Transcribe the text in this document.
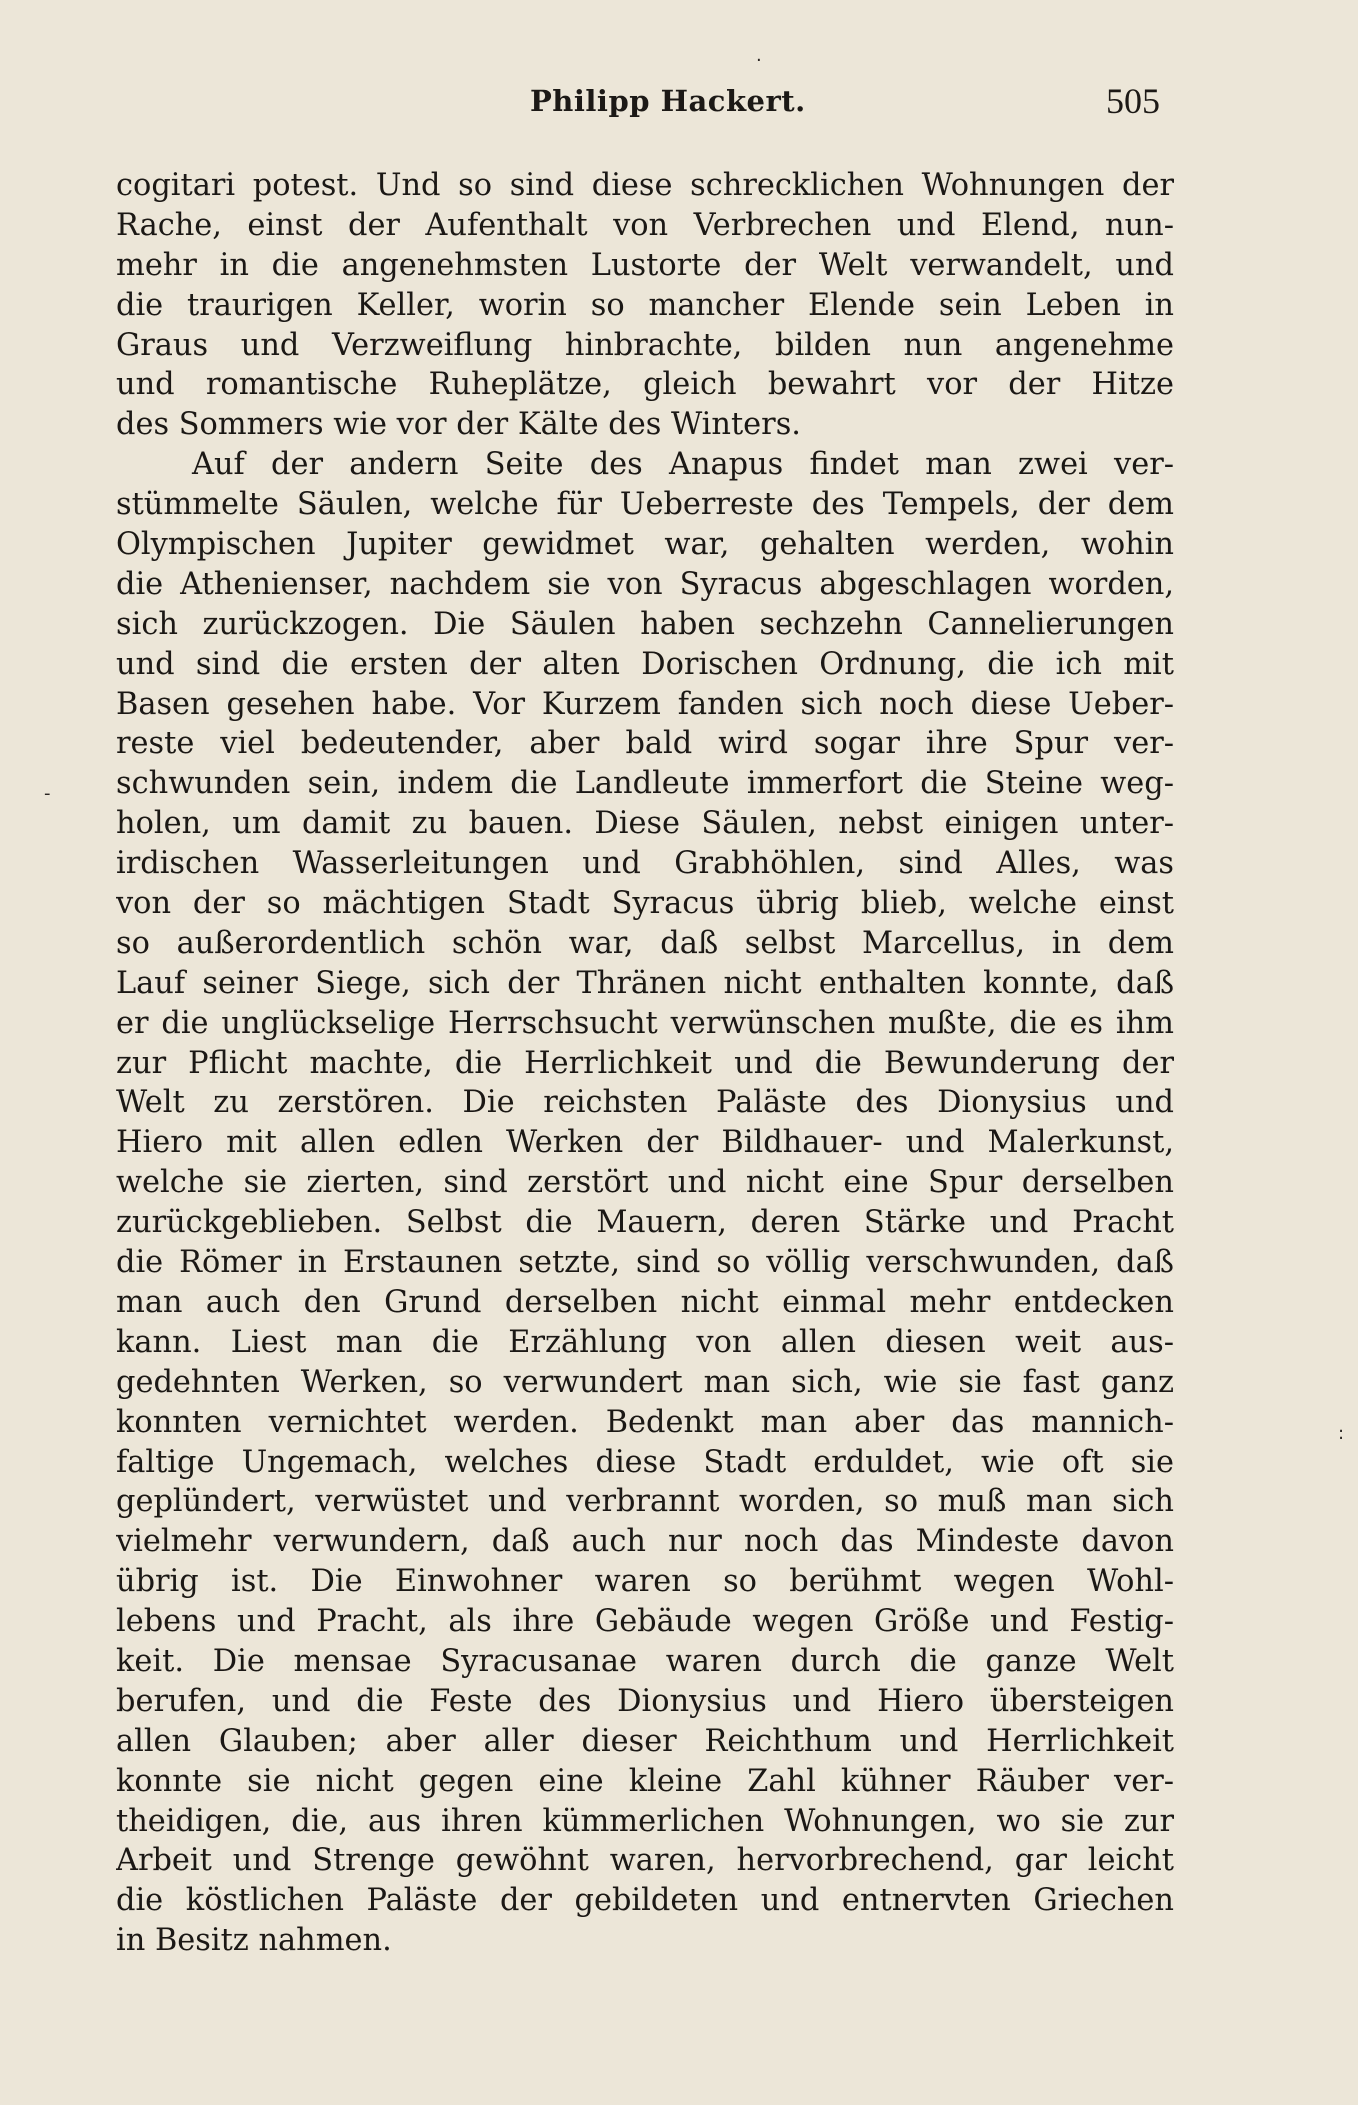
Philipp Hackert.	505
cogitari potest. Und so sind diese schrecklichen Wohnungen der
Rache, einst der Aufenthalt von Verbrechen und Elend, nun-
mehr in die angenehmsten Lustorte der Welt verwandelt, und
die traurigen Keller, worin so mancher Elende sein Leben in
Graus und Verzweiflung hinbrachte, bilden nun angenehme
und romantische Ruheplätze, gleich bewahrt vor der Hitze
des Sommers wie vor der Kälte des Winters.
Auf der andern Seite des Anapus findet man zwei ver-
stümmelte Säulen, welche für Ueberreste des Tempels, der dem
Olympischen Jupiter gewidmet war, gehalten werden, wohin
die Athenienser, nachdem sie von Syracus abgeschlagen worden,
sich zurückzogen. Die Säulen haben sechzehn Cannelierungen
und sind die ersten der alten Dorischen Ordnung, die ich mit
Basen gesehen habe. Vor Kurzem fanden sich noch diese Ueber-
reste viel bedeutender, aber bald wird sogar ihre Spur ver-
schwunden sein, indem die Landleute immerfort die Steine weg-
holen, um damit zu bauen. Diese Säulen, nebst einigen unter-
irdischen Wasserleitungen und Grabhöhlen, sind Alles, was
von der so mächtigen Stadt Syracus übrig blieb, welche einst
so außerordentlich schön war, daß selbst Marcellus, in dem
Lauf seiner Siege, sich der Thränen nicht enthalten konnte, daß
er die unglückselige Herrschsucht verwünschen mußte, die es ihm
zur Pflicht machte, die Herrlichkeit und die Bewunderung der
Welt zu zerstören. Die reichsten Paläste des Dionysius und
Hiero mit allen edlen Werken der Bildhauer- und Malerkunst,
welche sie zierten, sind zerstört und nicht eine Spur derselben
zurückgeblieben. Selbst die Mauern, deren Stärke und Pracht
die Römer in Erstaunen setzte, sind so völlig verschwunden, daß
man auch den Grund derselben nicht einmal mehr entdecken
kann. Liest man die Erzählung von allen diesen weit aus-
gedehnten Werken, so verwundert man sich, wie sie fast ganz
konnten vernichtet werden. Bedenkt man aber das mannich-
faltige Ungemach, welches diese Stadt erduldet, wie oft sie
geplündert, verwüstet und verbrannt worden, so muß man sich
vielmehr verwundern, daß auch nur noch das Mindeste davon
übrig ist. Die Einwohner waren so berühmt wegen Wohl-
lebens und Pracht, als ihre Gebäude wegen Größe und Festig-
keit. Die mensae Syracusanae waren durch die ganze Welt
berufen, und die Feste des Dionysius und Hiero übersteigen
allen Glauben; aber aller dieser Reichthum und Herrlichkeit
konnte sie nicht gegen eine kleine Zahl kühner Räuber ver-
theidigen, die, aus ihren kümmerlichen Wohnungen, wo sie zur
Arbeit und Strenge gewöhnt waren, hervorbrechend, gar leicht
die köstlichen Paläste der gebildeten und entnervten Griechen
in Besitz nahmen.
·
-
:
